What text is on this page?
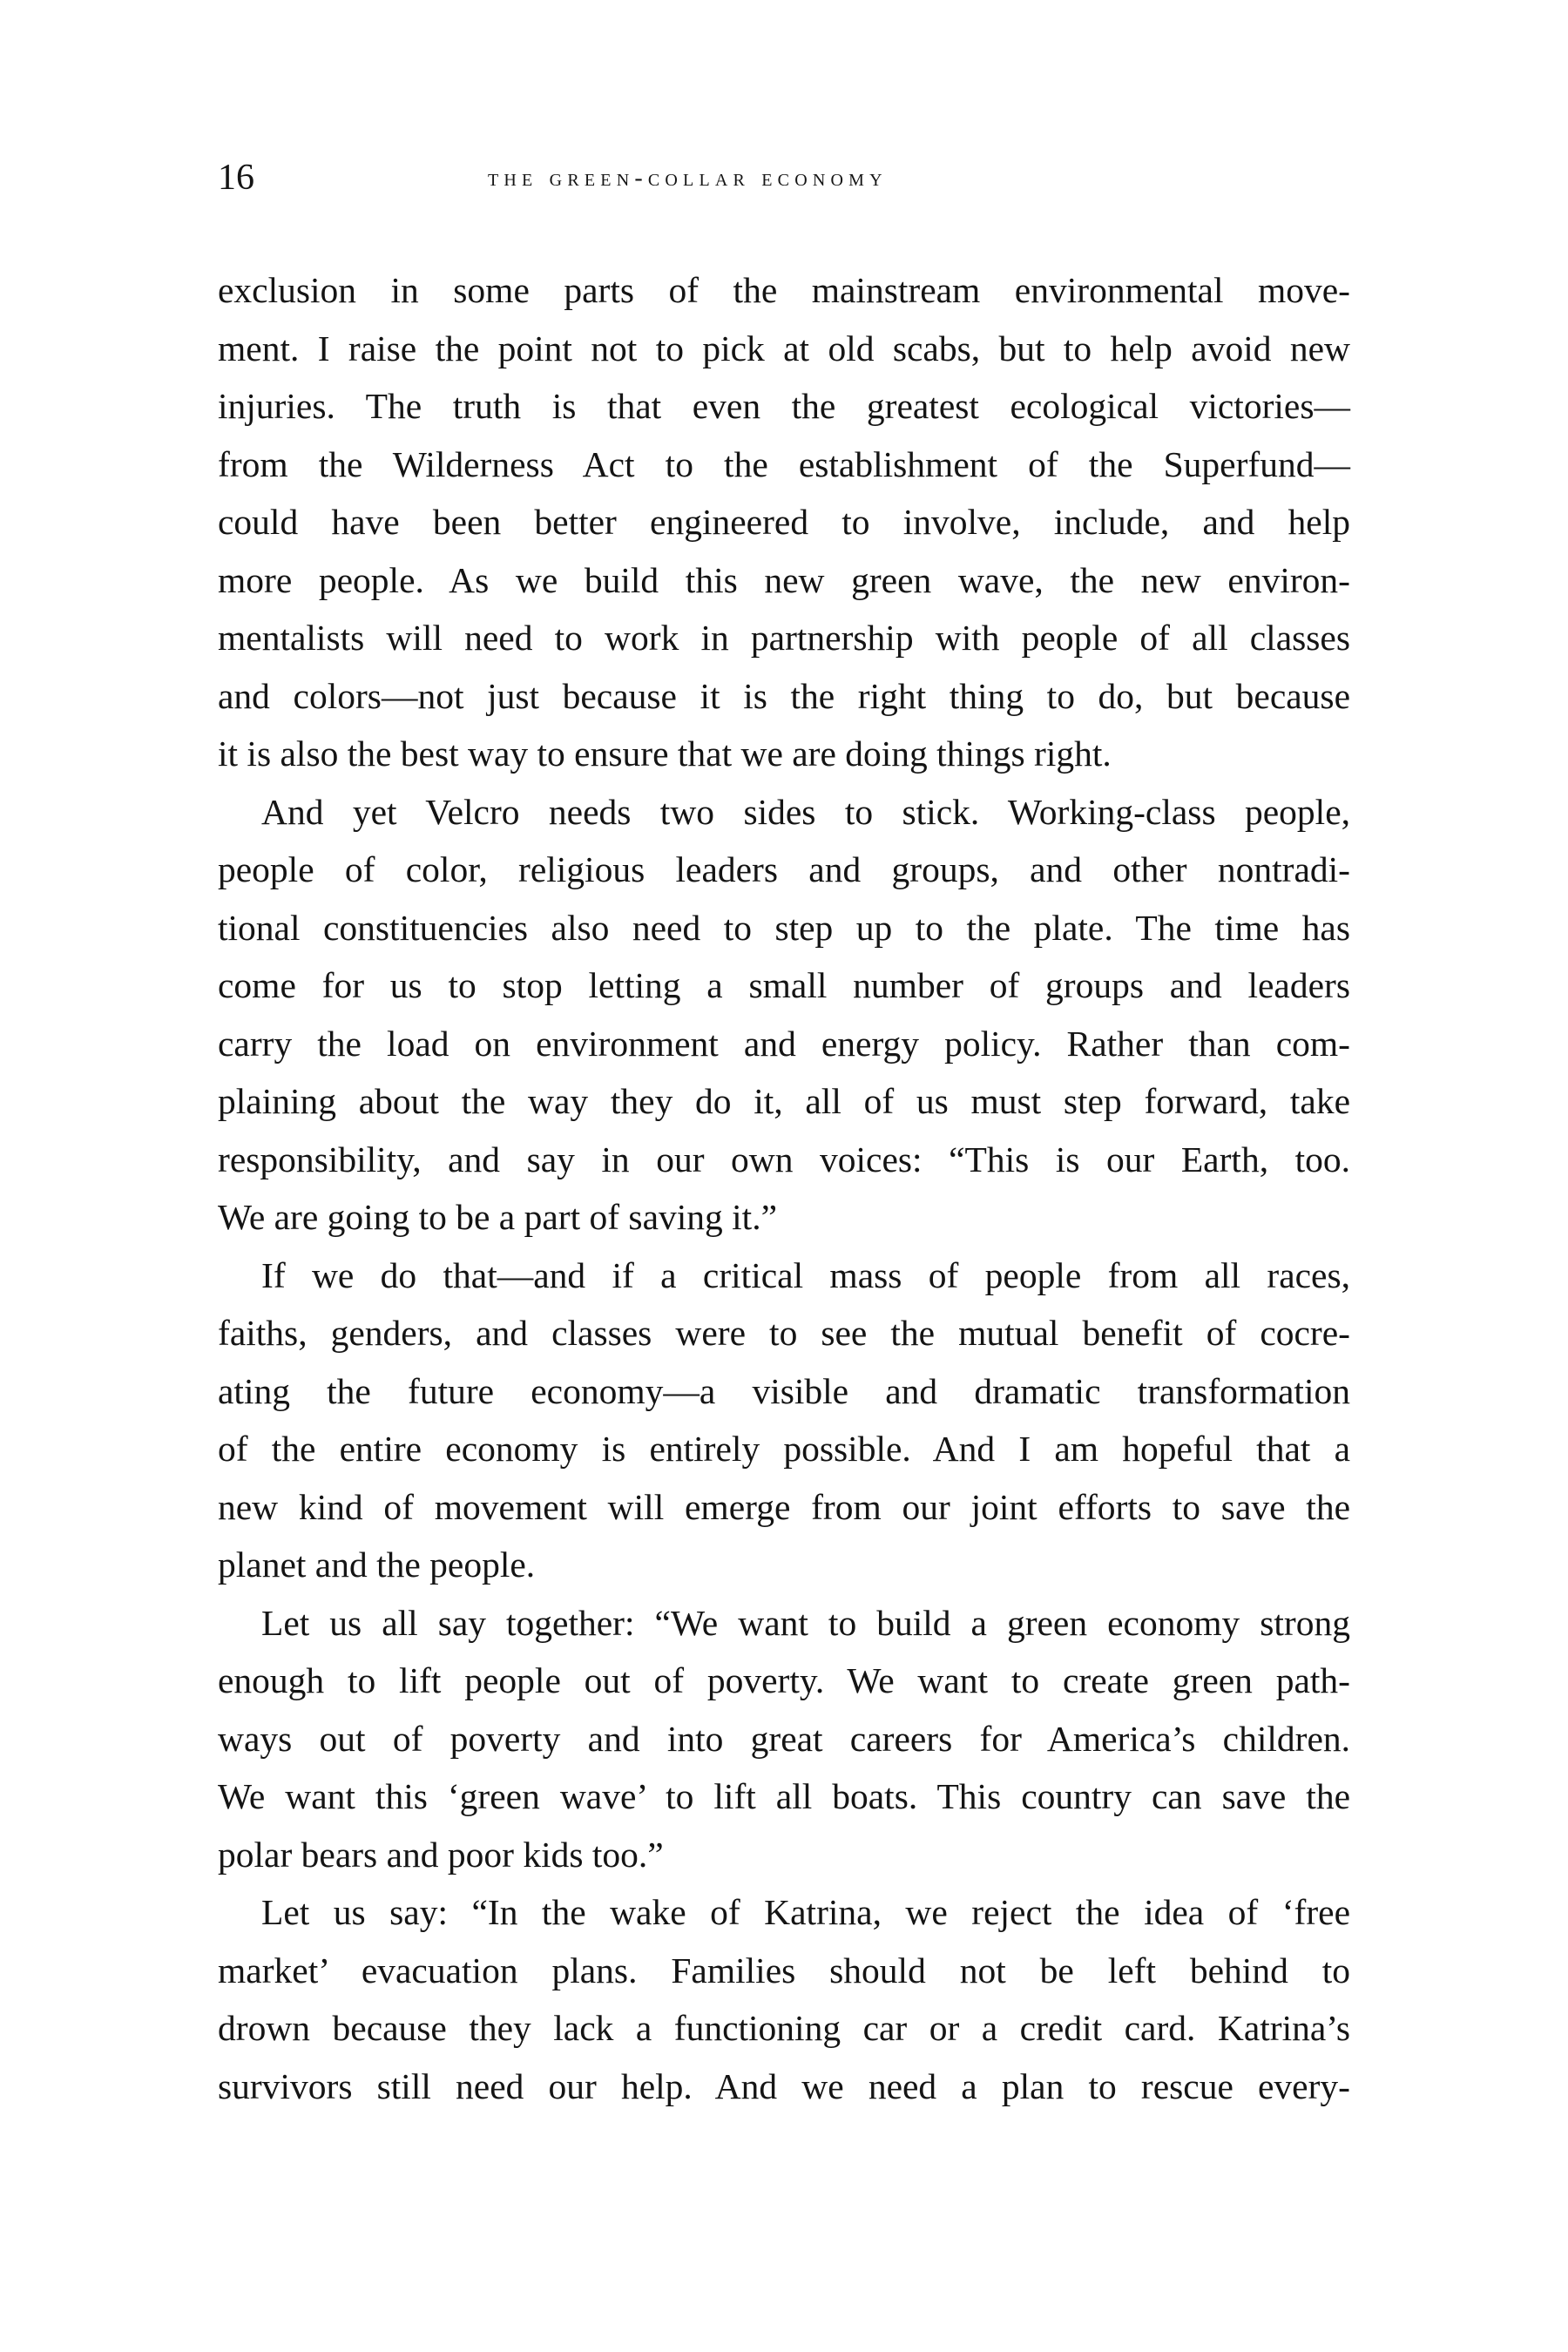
16	the green-collar economy
exclusion in some parts of the mainstream environmental move-
ment. I raise the point not to pick at old scabs, but to help avoid new
injuries. The truth is that even the greatest ecological victories—
from the Wilderness Act to the establishment of the Superfund—
could have been better engineered to involve, include, and help
more people. As we build this new green wave, the new environ-
mentalists will need to work in partnership with people of all classes
and colors—not just because it is the right thing to do, but because
it is also the best way to ensure that we are doing things right.
And yet Velcro needs two sides to stick. Working-class people,
people of color, religious leaders and groups, and other nontradi-
tional constituencies also need to step up to the plate. The time has
come for us to stop letting a small number of groups and leaders
carry the load on environment and energy policy. Rather than com-
plaining about the way they do it, all of us must step forward, take
responsibility, and say in our own voices: “This is our Earth, too.
We are going to be a part of saving it.”
If we do that—and if a critical mass of people from all races,
faiths, genders, and classes were to see the mutual benefit of cocre-
ating the future economy—a visible and dramatic transformation
of the entire economy is entirely possible. And I am hopeful that a
new kind of movement will emerge from our joint efforts to save the
planet and the people.
Let us all say together: “We want to build a green economy strong
enough to lift people out of poverty. We want to create green path-
ways out of poverty and into great careers for America’s children.
We want this ‘green wave’ to lift all boats. This country can save the
polar bears and poor kids too.”
Let us say: “In the wake of Katrina, we reject the idea of ‘free
market’ evacuation plans. Families should not be left behind to
drown because they lack a functioning car or a credit card. Katrina’s
survivors still need our help. And we need a plan to rescue every-
